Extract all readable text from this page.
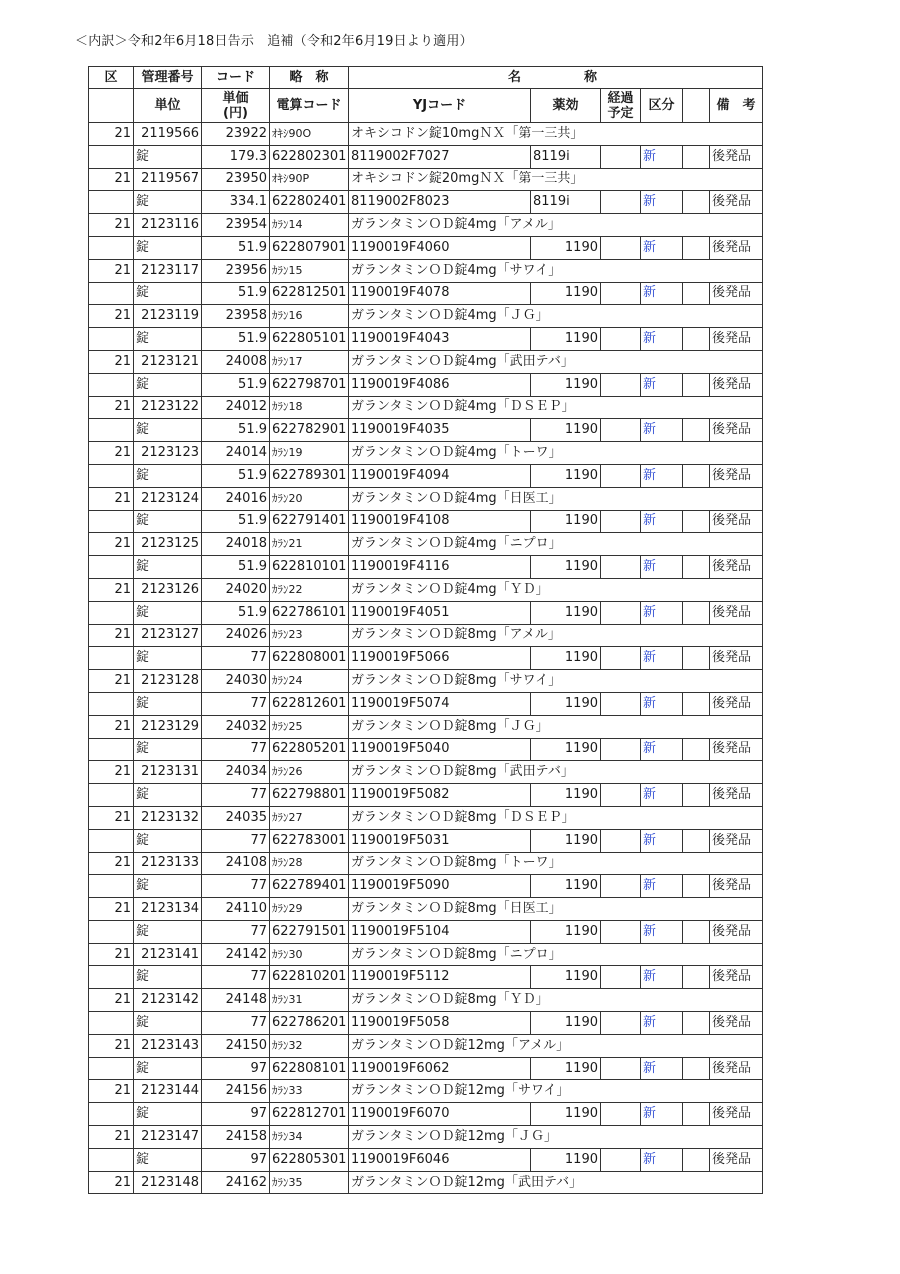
＜内訳＞令和2年6月18日告示　追補（令和2年6月19日より適用）
区	管理番号	コード	略　称	名　　　称					
	単位	単価
(円)	電算コード	YJコード	薬効	経過
予定	区分		備　考
21	2119566	23922	ｵｷｼ90O	オキシコドン錠10mgＮＸ「第一三共」					
	錠	179.3	622802301	8119002F7027	8119i		新		後発品
21	2119567	23950	ｵｷｼ90P	オキシコドン錠20mgＮＸ「第一三共」					
	錠	334.1	622802401	8119002F8023	8119i		新		後発品
21	2123116	23954	ｶﾗﾝ14	ガランタミンＯＤ錠4mg「アメル」					
	錠	51.9	622807901	1190019F4060	1190		新		後発品
21	2123117	23956	ｶﾗﾝ15	ガランタミンＯＤ錠4mg「サワイ」					
	錠	51.9	622812501	1190019F4078	1190		新		後発品
21	2123119	23958	ｶﾗﾝ16	ガランタミンＯＤ錠4mg「ＪＧ」					
	錠	51.9	622805101	1190019F4043	1190		新		後発品
21	2123121	24008	ｶﾗﾝ17	ガランタミンＯＤ錠4mg「武田テバ」					
	錠	51.9	622798701	1190019F4086	1190		新		後発品
21	2123122	24012	ｶﾗﾝ18	ガランタミンＯＤ錠4mg「ＤＳＥＰ」					
	錠	51.9	622782901	1190019F4035	1190		新		後発品
21	2123123	24014	ｶﾗﾝ19	ガランタミンＯＤ錠4mg「トーワ」					
	錠	51.9	622789301	1190019F4094	1190		新		後発品
21	2123124	24016	ｶﾗﾝ20	ガランタミンＯＤ錠4mg「日医工」					
	錠	51.9	622791401	1190019F4108	1190		新		後発品
21	2123125	24018	ｶﾗﾝ21	ガランタミンＯＤ錠4mg「ニプロ」					
	錠	51.9	622810101	1190019F4116	1190		新		後発品
21	2123126	24020	ｶﾗﾝ22	ガランタミンＯＤ錠4mg「ＹＤ」					
	錠	51.9	622786101	1190019F4051	1190		新		後発品
21	2123127	24026	ｶﾗﾝ23	ガランタミンＯＤ錠8mg「アメル」					
	錠	77	622808001	1190019F5066	1190		新		後発品
21	2123128	24030	ｶﾗﾝ24	ガランタミンＯＤ錠8mg「サワイ」					
	錠	77	622812601	1190019F5074	1190		新		後発品
21	2123129	24032	ｶﾗﾝ25	ガランタミンＯＤ錠8mg「ＪＧ」					
	錠	77	622805201	1190019F5040	1190		新		後発品
21	2123131	24034	ｶﾗﾝ26	ガランタミンＯＤ錠8mg「武田テバ」					
	錠	77	622798801	1190019F5082	1190		新		後発品
21	2123132	24035	ｶﾗﾝ27	ガランタミンＯＤ錠8mg「ＤＳＥＰ」					
	錠	77	622783001	1190019F5031	1190		新		後発品
21	2123133	24108	ｶﾗﾝ28	ガランタミンＯＤ錠8mg「トーワ」					
	錠	77	622789401	1190019F5090	1190		新		後発品
21	2123134	24110	ｶﾗﾝ29	ガランタミンＯＤ錠8mg「日医工」					
	錠	77	622791501	1190019F5104	1190		新		後発品
21	2123141	24142	ｶﾗﾝ30	ガランタミンＯＤ錠8mg「ニプロ」					
	錠	77	622810201	1190019F5112	1190		新		後発品
21	2123142	24148	ｶﾗﾝ31	ガランタミンＯＤ錠8mg「ＹＤ」					
	錠	77	622786201	1190019F5058	1190		新		後発品
21	2123143	24150	ｶﾗﾝ32	ガランタミンＯＤ錠12mg「アメル」					
	錠	97	622808101	1190019F6062	1190		新		後発品
21	2123144	24156	ｶﾗﾝ33	ガランタミンＯＤ錠12mg「サワイ」					
	錠	97	622812701	1190019F6070	1190		新		後発品
21	2123147	24158	ｶﾗﾝ34	ガランタミンＯＤ錠12mg「ＪＧ」					
	錠	97	622805301	1190019F6046	1190		新		後発品
21	2123148	24162	ｶﾗﾝ35	ガランタミンＯＤ錠12mg「武田テバ」					
